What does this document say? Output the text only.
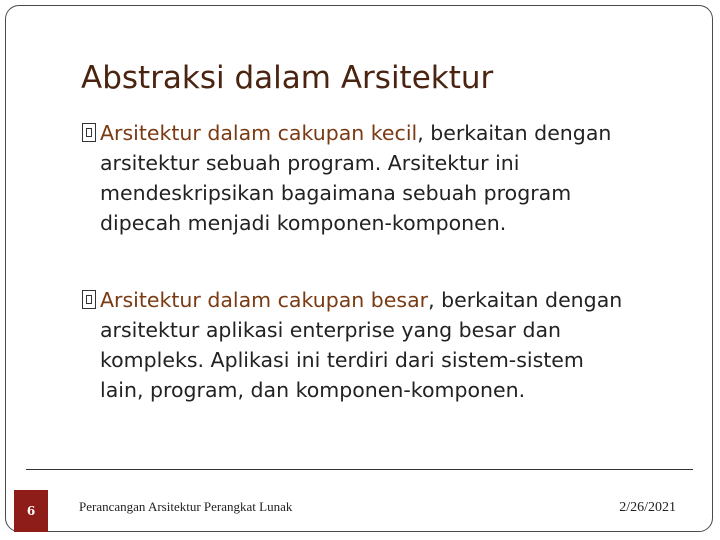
Abstraksi dalam Arsitektur
Arsitektur dalam cakupan kecil, berkaitan dengan
arsitektur sebuah program. Arsitektur ini
mendeskripsikan bagaimana sebuah program
dipecah menjadi komponen-komponen.
Arsitektur dalam cakupan besar, berkaitan dengan
arsitektur aplikasi enterprise yang besar dan
kompleks. Aplikasi ini terdiri dari sistem-sistem
lain, program, dan komponen-komponen.
6	Perancangan Arsitektur Perangkat Lunak	2/26/2021
